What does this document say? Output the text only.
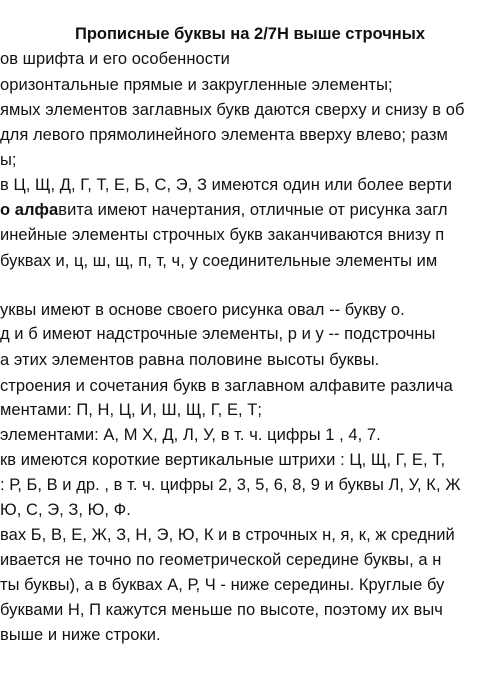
Прописные буквы на 2/7Н выше строчных
ов шрифта и его особенности
оризонтальные прямые и закругленные элементы;
ямых элементов заглавных букв даются сверху и снизу в об
для левого прямолинейного элемента вверху влево; разм
ы;
в Ц, Щ, Д, Г, Т, Е, Б, С, Э, З имеются один или более верти
о алфавита имеют начертания, отличные от рисунка загл
инейные элементы строчных букв заканчиваются внизу п
буквах и, ц, ш, щ, п, т, ч, у соединительные элементы им
уквы имеют в основе своего рисунка овал -- букву о.
д и б имеют надстрочные элементы, р и у -- подстрочны
а этих элементов равна половине высоты буквы.
строения и сочетания букв в заглавном алфавите различа
ментами: П, Н, Ц, И, Ш, Щ, Г, Е, Т;
элементами: А, М Х, Д, Л, У, в т. ч. цифры 1 , 4, 7.
кв имеются короткие вертикальные штрихи : Ц, Щ, Г, Е, Т,
: Р, Б, В и др. , в т. ч. цифры 2, 3, 5, 6, 8, 9 и буквы Л, У, К, Ж
Ю, С, Э, З, Ю, Ф.
вах Б, В, Е, Ж, З, Н, Э, Ю, К и в строчных н, я, к, ж средний
ивается не точно по геометрической середине буквы, а н
ты буквы), а в буквах А, Р, Ч - ниже середины. Круглые бу
буквами Н, П кажутся меньше по высоте, поэтому их выч
выше и ниже строки.
